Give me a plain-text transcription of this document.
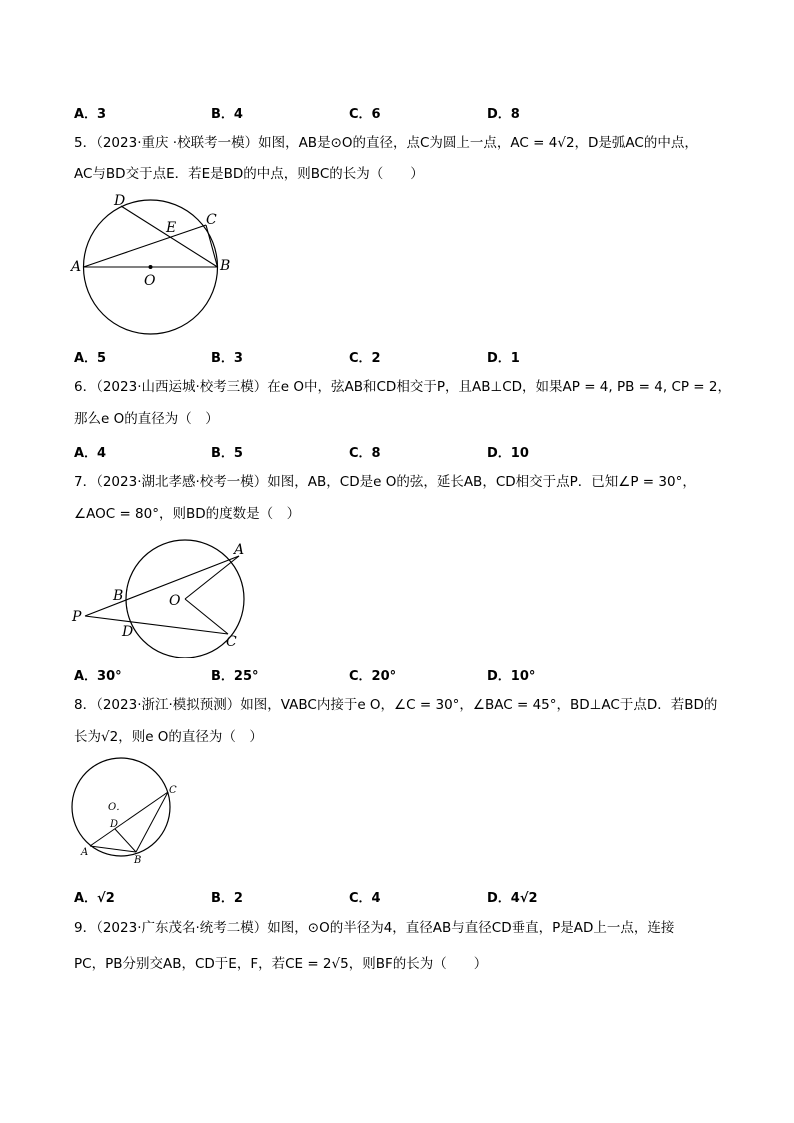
A．3	B．4	C．6	D．8
5．（2023·重庆 ·校联考一模）如图，AB是⊙O的直径，点C为圆上一点，AC = 4√2，D是弧AC的中点，
AC与BD交于点E．若E是BD的中点，则BC的长为（　　）
A	B
C
D
E
O
A．5	B．3	C．2	D．1
6．（2023·山西运城·校考三模）在e O中，弦AB和CD相交于P，且AB⊥CD，如果AP = 4, PB = 4, CP = 2，
那么e O的直径为（　）
A．4	B．5	C．8	D．10
7．（2023·湖北孝感·校考一模）如图，AB，CD是e O的弦，延长AB，CD相交于点P．已知∠P = 30°，
∠AOC = 80°，则BD的度数是（　）
A
B
C
D
O
P
A．30°	B．25°	C．20°	D．10°
8．（2023·浙江·模拟预测）如图，VABC内接于e O，∠C = 30°，∠BAC = 45°，BD⊥AC于点D．若BD的
长为√2，则e O的直径为（　）
C
A
B
D
O．
A．√2	B．2	C．4	D．4√2
9．（2023·广东茂名·统考二模）如图，⊙O的半径为4，直径AB与直径CD垂直，P是AD上一点，连接
PC，PB分别交AB，CD于E，F，若CE = 2√5，则BF的长为（　　）
